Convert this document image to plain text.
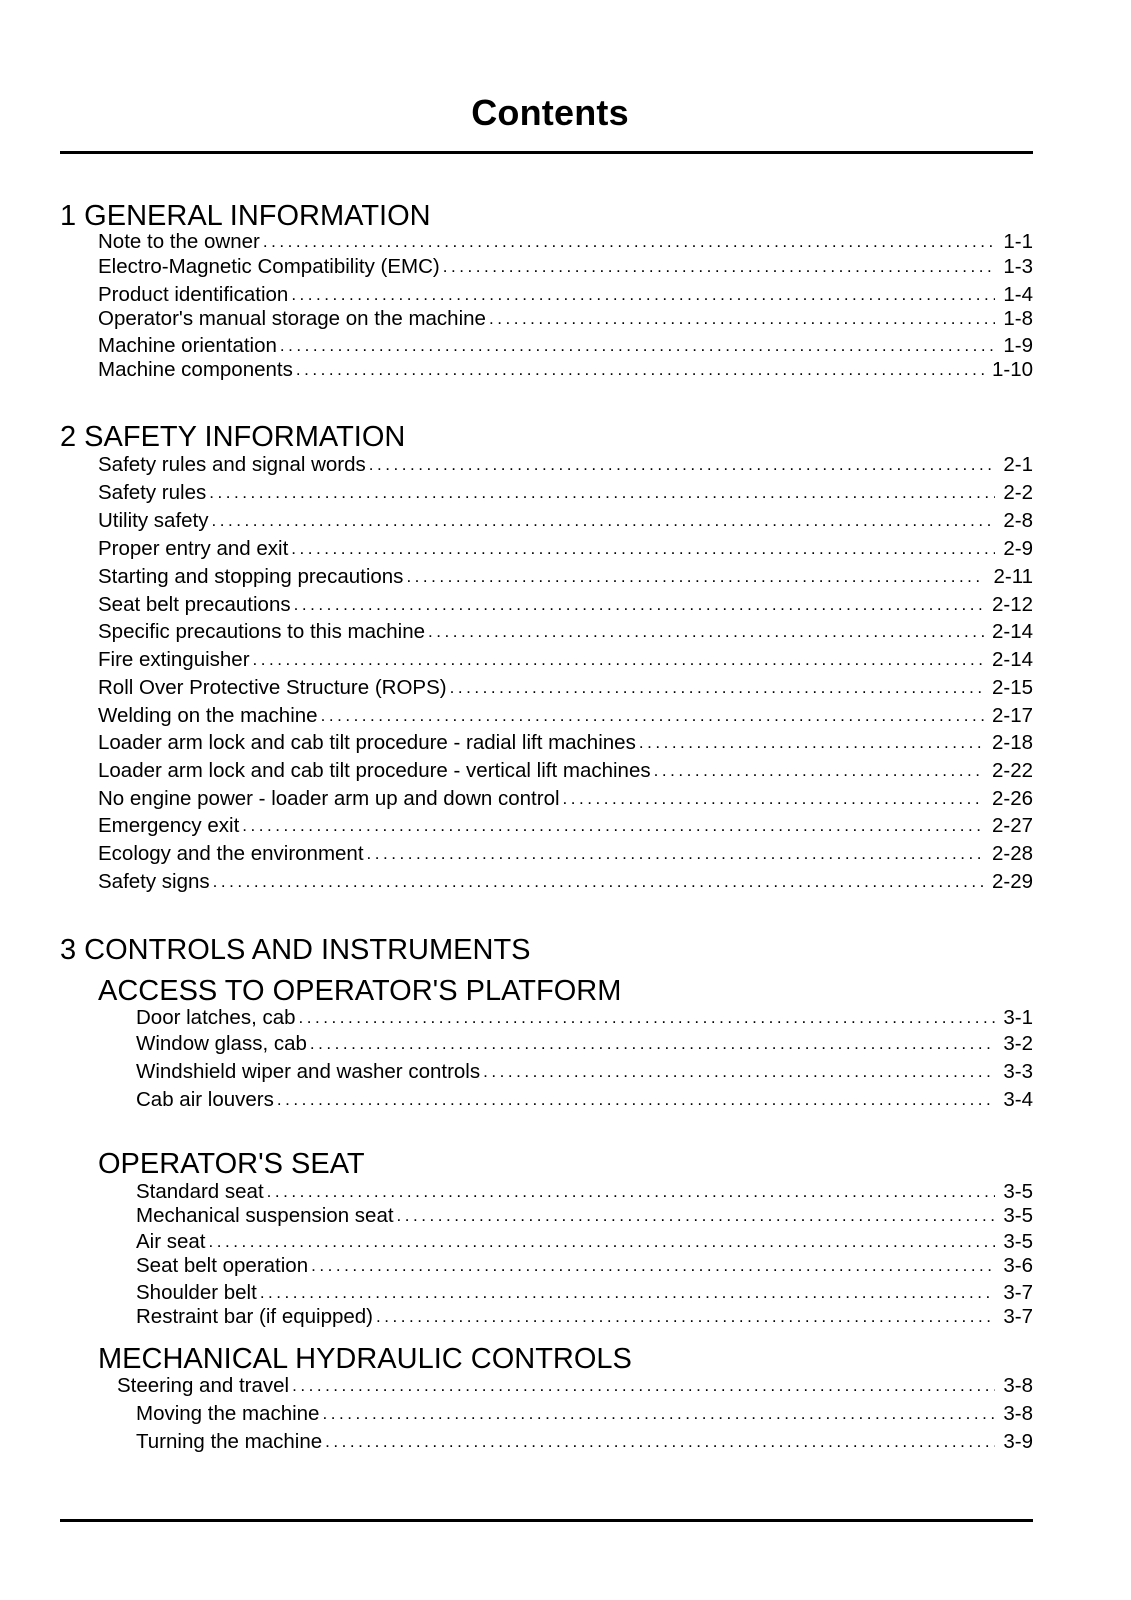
Contents
1 GENERAL INFORMATION
Note to the owner . . .	1-1
Electro-Magnetic Compatibility (EMC) . . .	1-3
Product identification . . .	1-4
Operator's manual storage on the machine . . .	1-8
Machine orientation . . .	1-9
Machine components . . .	1-10
2 SAFETY INFORMATION
Safety rules and signal words . . .	2-1
Safety rules . . .	2-2
Utility safety . . .	2-8
Proper entry and exit . . .	2-9
Starting and stopping precautions . . .	2-11
Seat belt precautions . . .	2-12
Specific precautions to this machine . . .	2-14
Fire extinguisher . . .	2-14
Roll Over Protective Structure (ROPS) . . .	2-15
Welding on the machine . . .	2-17
Loader arm lock and cab tilt procedure - radial lift machines . . .	2-18
Loader arm lock and cab tilt procedure - vertical lift machines . . .	2-22
No engine power - loader arm up and down control . . .	2-26
Emergency exit . . .	2-27
Ecology and the environment . . .	2-28
Safety signs . . .	2-29
3 CONTROLS AND INSTRUMENTS
ACCESS TO OPERATOR'S PLATFORM
Door latches, cab . . .	3-1
Window glass, cab . . .	3-2
Windshield wiper and washer controls . . .	3-3
Cab air louvers . . .	3-4
OPERATOR'S SEAT
Standard seat . . .	3-5
Mechanical suspension seat . . .	3-5
Air seat . . .	3-5
Seat belt operation . . .	3-6
Shoulder belt . . .	3-7
Restraint bar (if equipped) . . .	3-7
MECHANICAL HYDRAULIC CONTROLS
Steering and travel . . .	3-8
Moving the machine . . .	3-8
Turning the machine . . .	3-9
